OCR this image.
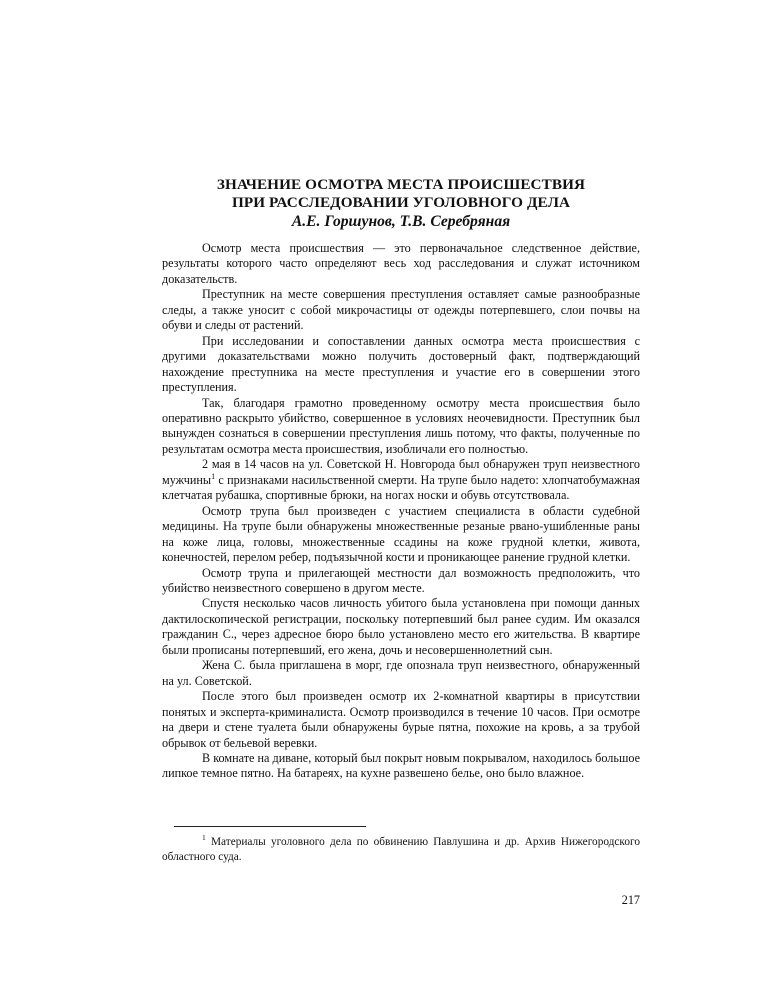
ЗНАЧЕНИЕ ОСМОТРА МЕСТА ПРОИСШЕСТВИЯ
ПРИ РАССЛЕДОВАНИИ УГОЛОВНОГО ДЕЛА
А.Е. Горшунов, Т.В. Серебряная

Осмотр места происшествия — это первоначальное следственное действие, результаты которого часто определяют весь ход расследования и служат источником доказательств.

Преступник на месте совершения преступления оставляет самые разнообразные следы, а также уносит с собой микрочастицы от одежды потерпевшего, слои почвы на обуви и следы от растений.

При исследовании и сопоставлении данных осмотра места происшествия с другими доказательствами можно получить достоверный факт, подтверждающий нахождение преступника на месте преступления и участие его в совершении этого преступления.

Так, благодаря грамотно проведенному осмотру места происшествия было оперативно раскрыто убийство, совершенное в условиях неочевидности. Преступник был вынужден сознаться в совершении преступления лишь потому, что факты, полученные по результатам осмотра места происшествия, изобличали его полностью.

2 мая в 14 часов на ул. Советской Н. Новгорода был обнаружен труп неизвестного мужчины$^1$ с признаками насильственной смерти. На трупе было надето: хлопчатобумажная клетчатая рубашка, спортивные брюки, на ногах носки и обувь отсутствовала.

Осмотр трупа был произведен с участием специалиста в области судебной медицины. На трупе были обнаружены множественные резаные рвано-ушибленные раны на коже лица, головы, множественные ссадины на коже грудной клетки, живота, конечностей, перелом ребер, подъязычной кости и проникающее ранение грудной клетки.

Осмотр трупа и прилегающей местности дал возможность предположить, что убийство неизвестного совершено в другом месте.

Спустя несколько часов личность убитого была установлена при помощи данных дактилоскопической регистрации, поскольку потерпевший был ранее судим. Им оказался гражданин С., через адресное бюро было установлено место его жительства. В квартире были прописаны потерпевший, его жена, дочь и несовершеннолетний сын.

Жена С. была приглашена в морг, где опознала труп неизвестного, обнаруженный на ул. Советской.

После этого был произведен осмотр их 2-комнатной квартиры в присутствии понятых и эксперта-криминалиста. Осмотр производился в течение 10 часов. При осмотре на двери и стене туалета были обнаружены бурые пятна, похожие на кровь, а за трубой обрывок от бельевой веревки.

В комнате на диване, который был покрыт новым покрывалом, находилось большое липкое темное пятно. На батареях, на кухне развешено белье, оно было влажное.

$^1$ Материалы уголовного дела по обвинению Павлушина и др. Архив Нижегородского областного суда.
217
